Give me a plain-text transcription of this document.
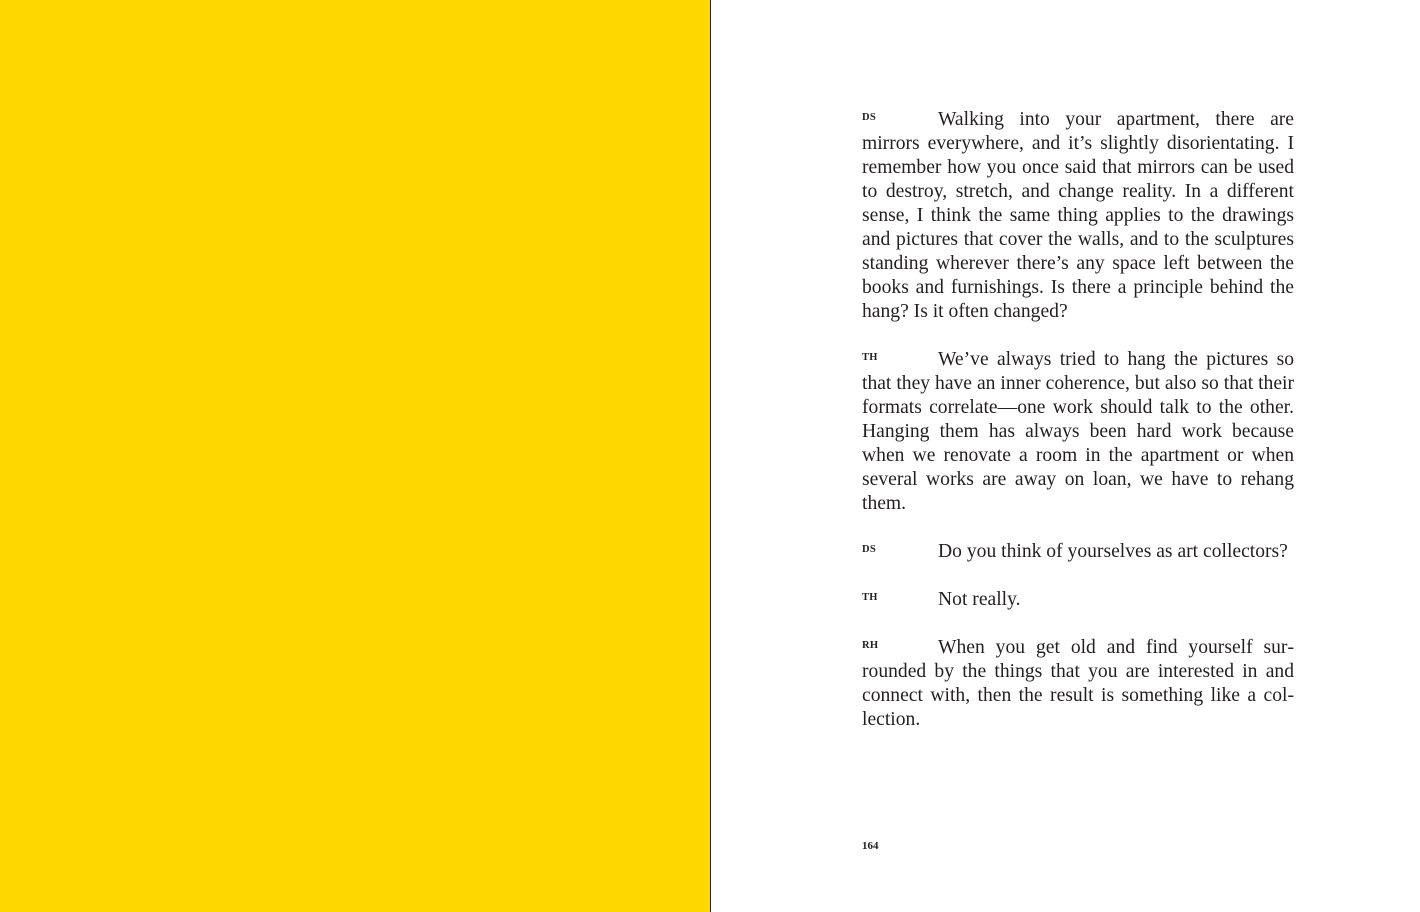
DS	Walking into your apartment, there are mirrors everywhere, and it’s slightly disorientating. I remember how you once said that mirrors can be used to destroy, stretch, and change reality. In a different sense, I think the same thing applies to the drawings and pictures that cover the walls, and to the sculptures standing wherever there’s any space left between the books and furnishings. Is there a principle behind the hang? Is it often changed?

TH	We’ve always tried to hang the pictures so that they have an inner coherence, but also so that their formats correlate—one work should talk to the other. Hanging them has always been hard work because when we renovate a room in the apartment or when several works are away on loan, we have to rehang them.

DS	Do you think of yourselves as art collectors?

TH	Not really.

RH	When you get old and find yourself surrounded by the things that you are interested in and connect with, then the result is something like a collection.

164
